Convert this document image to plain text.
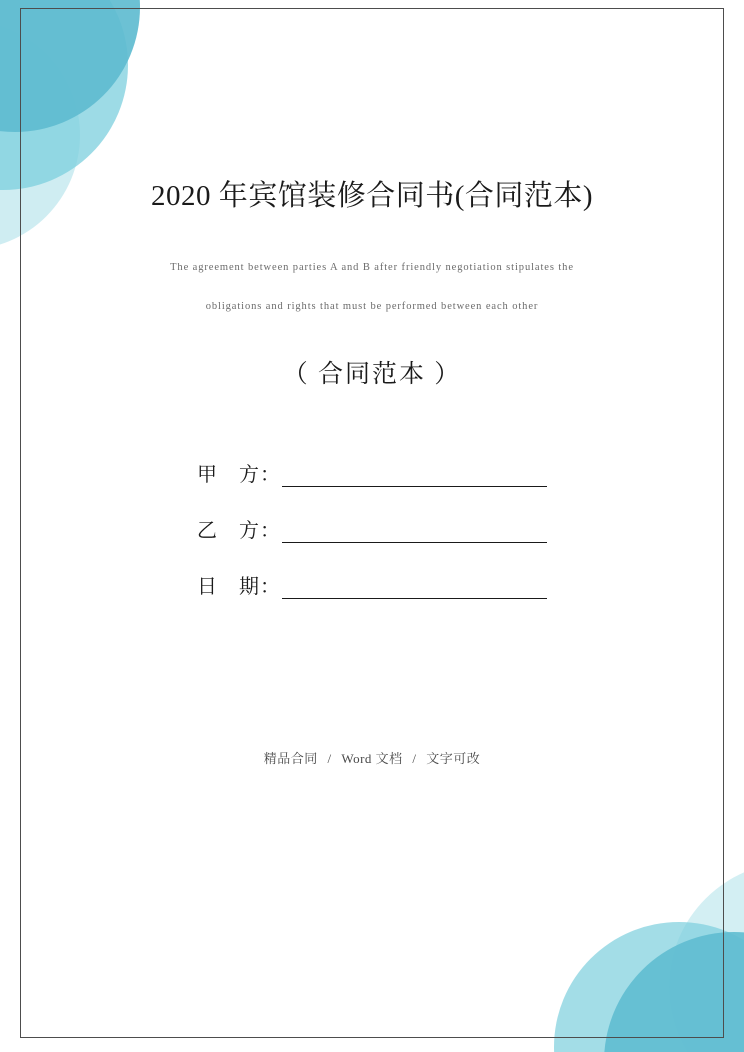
2020 年宾馆装修合同书(合同范本)

The agreement between parties A and B after friendly negotiation stipulates the

obligations and rights that must be performed between each other

（ 合同范本 ）

甲　方：
乙　方：
日　期：
精品合同 / Word 文档 / 文字可改
